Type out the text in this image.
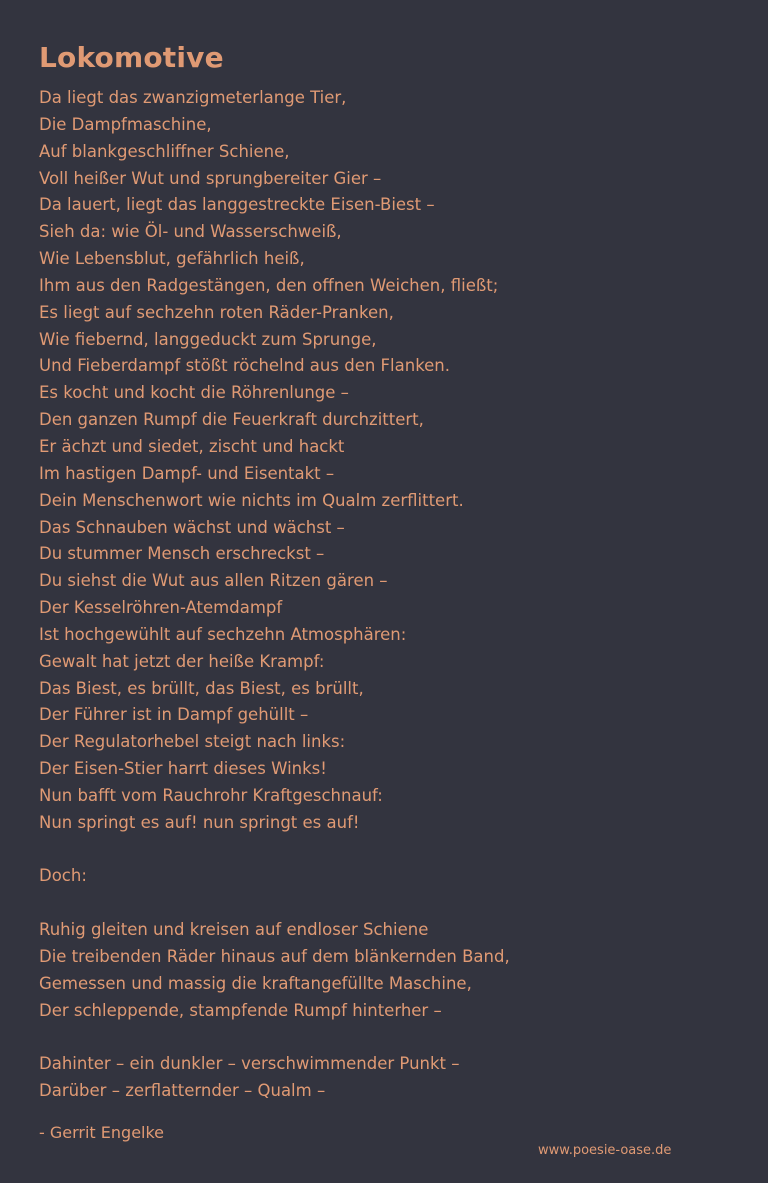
Lokomotive
Da liegt das zwanzigmeterlange Tier,
Die Dampfmaschine,
Auf blankgeschliffner Schiene,
Voll heißer Wut und sprungbereiter Gier –
Da lauert, liegt das langgestreckte Eisen-Biest –
Sieh da: wie Öl- und Wasserschweiß,
Wie Lebensblut, gefährlich heiß,
Ihm aus den Radgestängen, den offnen Weichen, fließt;
Es liegt auf sechzehn roten Räder-Pranken,
Wie fiebernd, langgeduckt zum Sprunge,
Und Fieberdampf stößt röchelnd aus den Flanken.
Es kocht und kocht die Röhrenlunge –
Den ganzen Rumpf die Feuerkraft durchzittert,
Er ächzt und siedet, zischt und hackt
Im hastigen Dampf- und Eisentakt –
Dein Menschenwort wie nichts im Qualm zerflittert.
Das Schnauben wächst und wächst –
Du stummer Mensch erschreckst –
Du siehst die Wut aus allen Ritzen gären –
Der Kesselröhren-Atemdampf
Ist hochgewühlt auf sechzehn Atmosphären:
Gewalt hat jetzt der heiße Krampf:
Das Biest, es brüllt, das Biest, es brüllt,
Der Führer ist in Dampf gehüllt –
Der Regulatorhebel steigt nach links:
Der Eisen-Stier harrt dieses Winks!
Nun bafft vom Rauchrohr Kraftgeschnauf:
Nun springt es auf! nun springt es auf!
Doch:
Ruhig gleiten und kreisen auf endloser Schiene
Die treibenden Räder hinaus auf dem blänkernden Band,
Gemessen und massig die kraftangefüllte Maschine,
Der schleppende, stampfende Rumpf hinterher –
Dahinter – ein dunkler – verschwimmender Punkt –
Darüber – zerflatternder – Qualm –
- Gerrit Engelke
www.poesie-oase.de
